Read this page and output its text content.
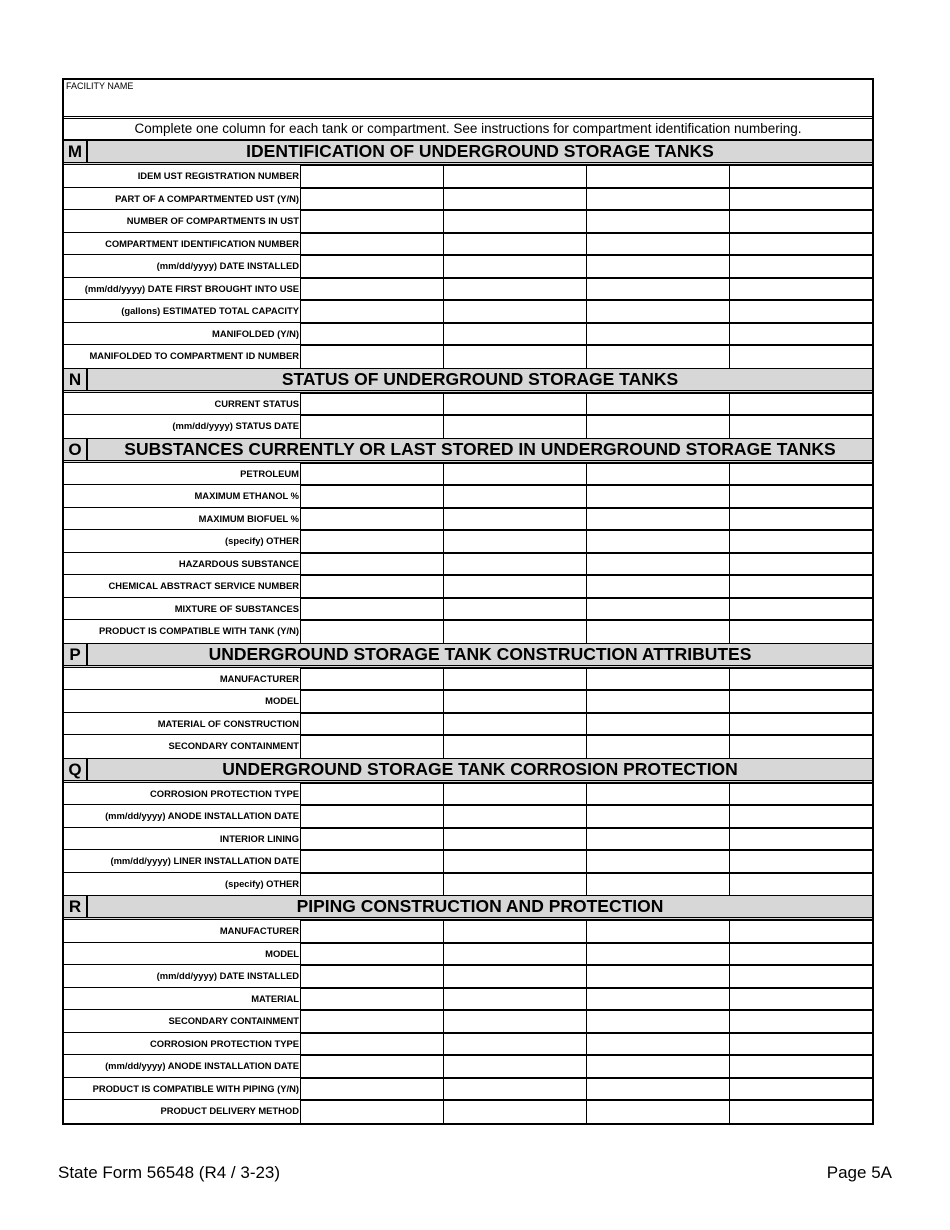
FACILITY NAME
Complete one column for each tank or compartment. See instructions for compartment identification numbering.
M	IDENTIFICATION OF UNDERGROUND STORAGE TANKS
IDEM UST REGISTRATION NUMBER
PART OF A COMPARTMENTED UST (Y/N)
NUMBER OF COMPARTMENTS IN UST
COMPARTMENT IDENTIFICATION NUMBER
(mm/dd/yyyy) DATE INSTALLED
(mm/dd/yyyy) DATE FIRST BROUGHT INTO USE
(gallons) ESTIMATED TOTAL CAPACITY
MANIFOLDED (Y/N)
MANIFOLDED TO COMPARTMENT ID NUMBER
N	STATUS OF UNDERGROUND STORAGE TANKS
CURRENT STATUS
(mm/dd/yyyy) STATUS DATE
O	SUBSTANCES CURRENTLY OR LAST STORED IN UNDERGROUND STORAGE TANKS
PETROLEUM
MAXIMUM ETHANOL %
MAXIMUM BIOFUEL %
(specify) OTHER
HAZARDOUS SUBSTANCE
CHEMICAL ABSTRACT SERVICE NUMBER
MIXTURE OF SUBSTANCES
PRODUCT IS COMPATIBLE WITH TANK (Y/N)
P	UNDERGROUND STORAGE TANK CONSTRUCTION ATTRIBUTES
MANUFACTURER
MODEL
MATERIAL OF CONSTRUCTION
SECONDARY CONTAINMENT
Q	UNDERGROUND STORAGE TANK CORROSION PROTECTION
CORROSION PROTECTION TYPE
(mm/dd/yyyy) ANODE INSTALLATION DATE
INTERIOR LINING
(mm/dd/yyyy) LINER INSTALLATION DATE
(specify) OTHER
R	PIPING CONSTRUCTION AND PROTECTION
MANUFACTURER
MODEL
(mm/dd/yyyy) DATE INSTALLED
MATERIAL
SECONDARY CONTAINMENT
CORROSION PROTECTION TYPE
(mm/dd/yyyy) ANODE INSTALLATION DATE
PRODUCT IS COMPATIBLE WITH PIPING (Y/N)
PRODUCT DELIVERY METHOD
State Form 56548 (R4 / 3-23)	Page 5A
